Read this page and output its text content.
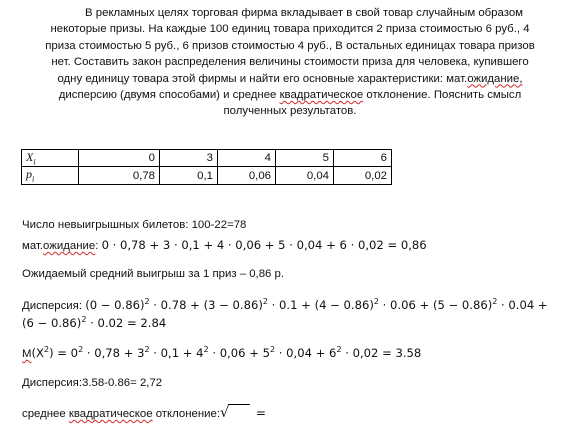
В рекламных целях торговая фирма вкладывает в свой товар случайным образом
некоторые призы. На каждые 100 единиц товара приходится 2 приза стоимостью 6 руб., 4
приза стоимостью 5 руб., 6 призов стоимостью 4 руб., В остальных единицах товара призов
нет. Составить закон распределения величины стоимости приза для человека, купившего
одну единицу товара этой фирмы и найти его основные характеристики: мат.ожидание,
дисперсию (двумя способами) и среднее квадратическое отклонение. Пояснить смысл
полученных результатов.

$X_i$	0	3	4	5	6
$p_i$	0,78	0,1	0,06	0,04	0,02
Число невыигрышных билетов: 100-22=78
мат.ожидание: 0 · 0,78 + 3 · 0,1 + 4 · 0,06 + 5 · 0,04 + 6 · 0,02 = 0,86
Ожидаемый средний выигрыш за 1 приз – 0,86 р.
Дисперсия: $(0 - 0.86)^2 \cdot 0.78 + (3 - 0.86)^2 \cdot 0.1 + (4 - 0.86)^2 \cdot 0.06 + (5 - 0.86)^2 \cdot 0.04$ +
$(6 - 0.86)^2 \cdot 0.02 = 2.84$
$M(X^2) = 0^2 \cdot 0,78 + 3^2 \cdot 0,1 + 4^2 \cdot 0,06 + 5^2 \cdot 0,04 + 6^2 \cdot 0,02 = 3.58$
Дисперсия:3.58-0.86= 2,72
среднее квадратическое отклонение:√ =
